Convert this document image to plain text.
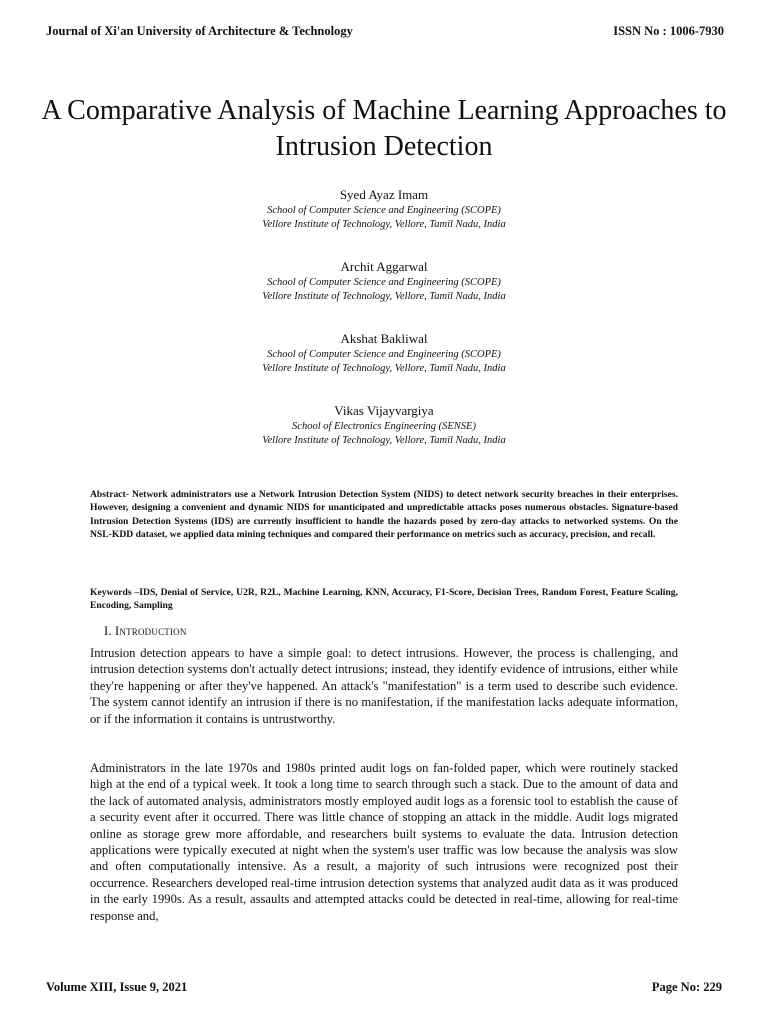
Journal of Xi'an University of Architecture & Technology	ISSN No : 1006-7930
A Comparative Analysis of Machine Learning Approaches to Intrusion Detection
Syed Ayaz Imam
School of Computer Science and Engineering (SCOPE)
Vellore Institute of Technology, Vellore, Tamil Nadu, India
Archit Aggarwal
School of Computer Science and Engineering (SCOPE)
Vellore Institute of Technology, Vellore, Tamil Nadu, India
Akshat Bakliwal
School of Computer Science and Engineering (SCOPE)
Vellore Institute of Technology, Vellore, Tamil Nadu, India
Vikas Vijayvargiya
School of Electronics Engineering (SENSE)
Vellore Institute of Technology, Vellore, Tamil Nadu, India
Abstract- Network administrators use a Network Intrusion Detection System (NIDS) to detect network security breaches in their enterprises. However, designing a convenient and dynamic NIDS for unanticipated and unpredictable attacks poses numerous obstacles. Signature-based Intrusion Detection Systems (IDS) are currently insufficient to handle the hazards posed by zero-day attacks to networked systems. On the NSL-KDD dataset, we applied data mining techniques and compared their performance on metrics such as accuracy, precision, and recall.
Keywords –IDS, Denial of Service, U2R, R2L, Machine Learning, KNN, Accuracy, F1-Score, Decision Trees, Random Forest, Feature Scaling, Encoding, Sampling
I. Introduction
Intrusion detection appears to have a simple goal: to detect intrusions. However, the process is challenging, and intrusion detection systems don't actually detect intrusions; instead, they identify evidence of intrusions, either while they're happening or after they've happened. An attack's "manifestation" is a term used to describe such evidence. The system cannot identify an intrusion if there is no manifestation, if the manifestation lacks adequate information, or if the information it contains is untrustworthy.
Administrators in the late 1970s and 1980s printed audit logs on fan-folded paper, which were routinely stacked high at the end of a typical week. It took a long time to search through such a stack. Due to the amount of data and the lack of automated analysis, administrators mostly employed audit logs as a forensic tool to establish the cause of a security event after it occurred. There was little chance of stopping an attack in the middle. Audit logs migrated online as storage grew more affordable, and researchers built systems to evaluate the data. Intrusion detection applications were typically executed at night when the system's user traffic was low because the analysis was slow and often computationally intensive. As a result, a majority of such intrusions were recognized post their occurrence. Researchers developed real-time intrusion detection systems that analyzed audit data as it was produced in the early 1990s. As a result, assaults and attempted attacks could be detected in real-time, allowing for real-time response and,
Volume XIII, Issue 9, 2021	Page No: 229
